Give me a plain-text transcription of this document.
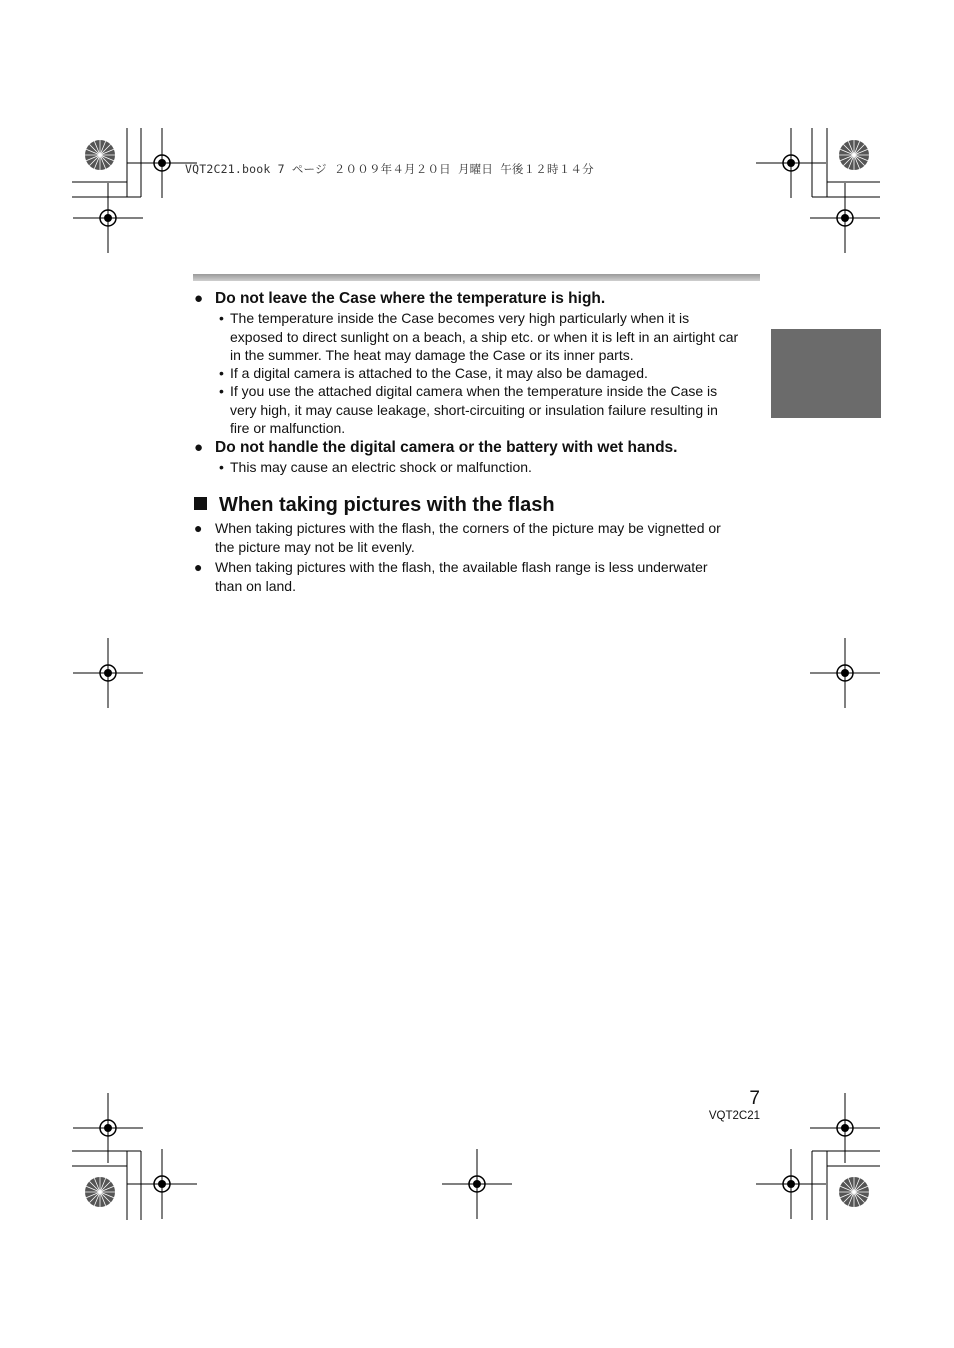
VQT2C21.book 7 ページ ２００９年４月２０日 月曜日 午後１２時１４分
● Do not leave the Case where the temperature is high.
• The temperature inside the Case becomes very high particularly when it is
exposed to direct sunlight on a beach, a ship etc. or when it is left in an airtight car
in the summer. The heat may damage the Case or its inner parts.
• If a digital camera is attached to the Case, it may also be damaged.
• If you use the attached digital camera when the temperature inside the Case is
very high, it may cause leakage, short-circuiting or insulation failure resulting in
fire or malfunction.
● Do not handle the digital camera or the battery with wet hands.
• This may cause an electric shock or malfunction.
When taking pictures with the flash
● When taking pictures with the flash, the corners of the picture may be vignetted or
the picture may not be lit evenly.
● When taking pictures with the flash, the available flash range is less underwater
than on land.
7
VQT2C21
